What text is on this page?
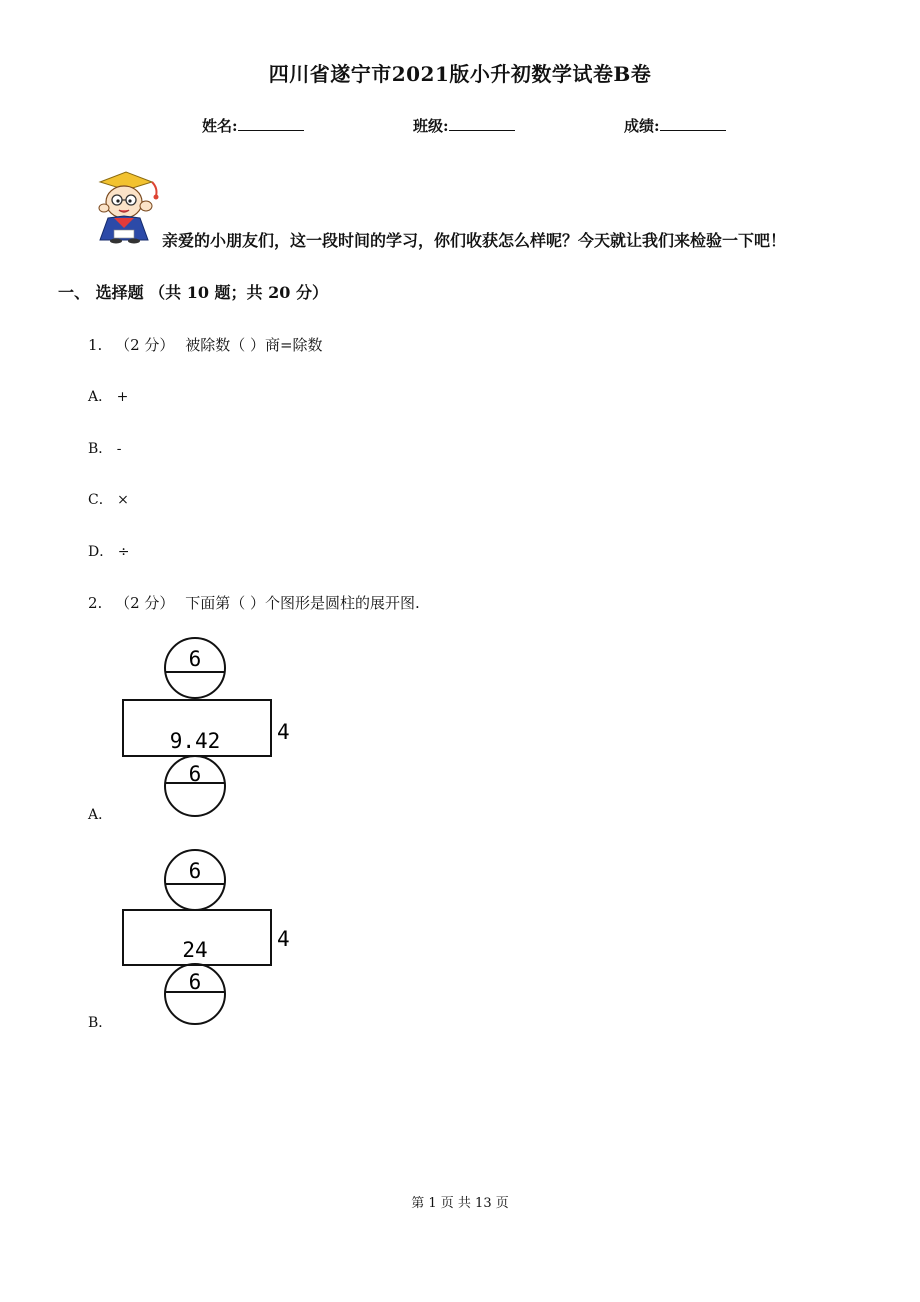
四川省遂宁市2021版小升初数学试卷B卷
姓名:	班级:	成绩:
亲爱的小朋友们，这一段时间的学习，你们收获怎么样呢？今天就让我们来检验一下吧！
一、 选择题 （共 10 题；共 20 分）
1. （2 分） 被除数（ ）商=除数
A． +
B． -
C． ×
D． ÷
2. （2 分） 下面第（ ）个图形是圆柱的展开图.
6
9.42	4
6
A．
6
24	4
6
B．
第 1 页 共 13 页
